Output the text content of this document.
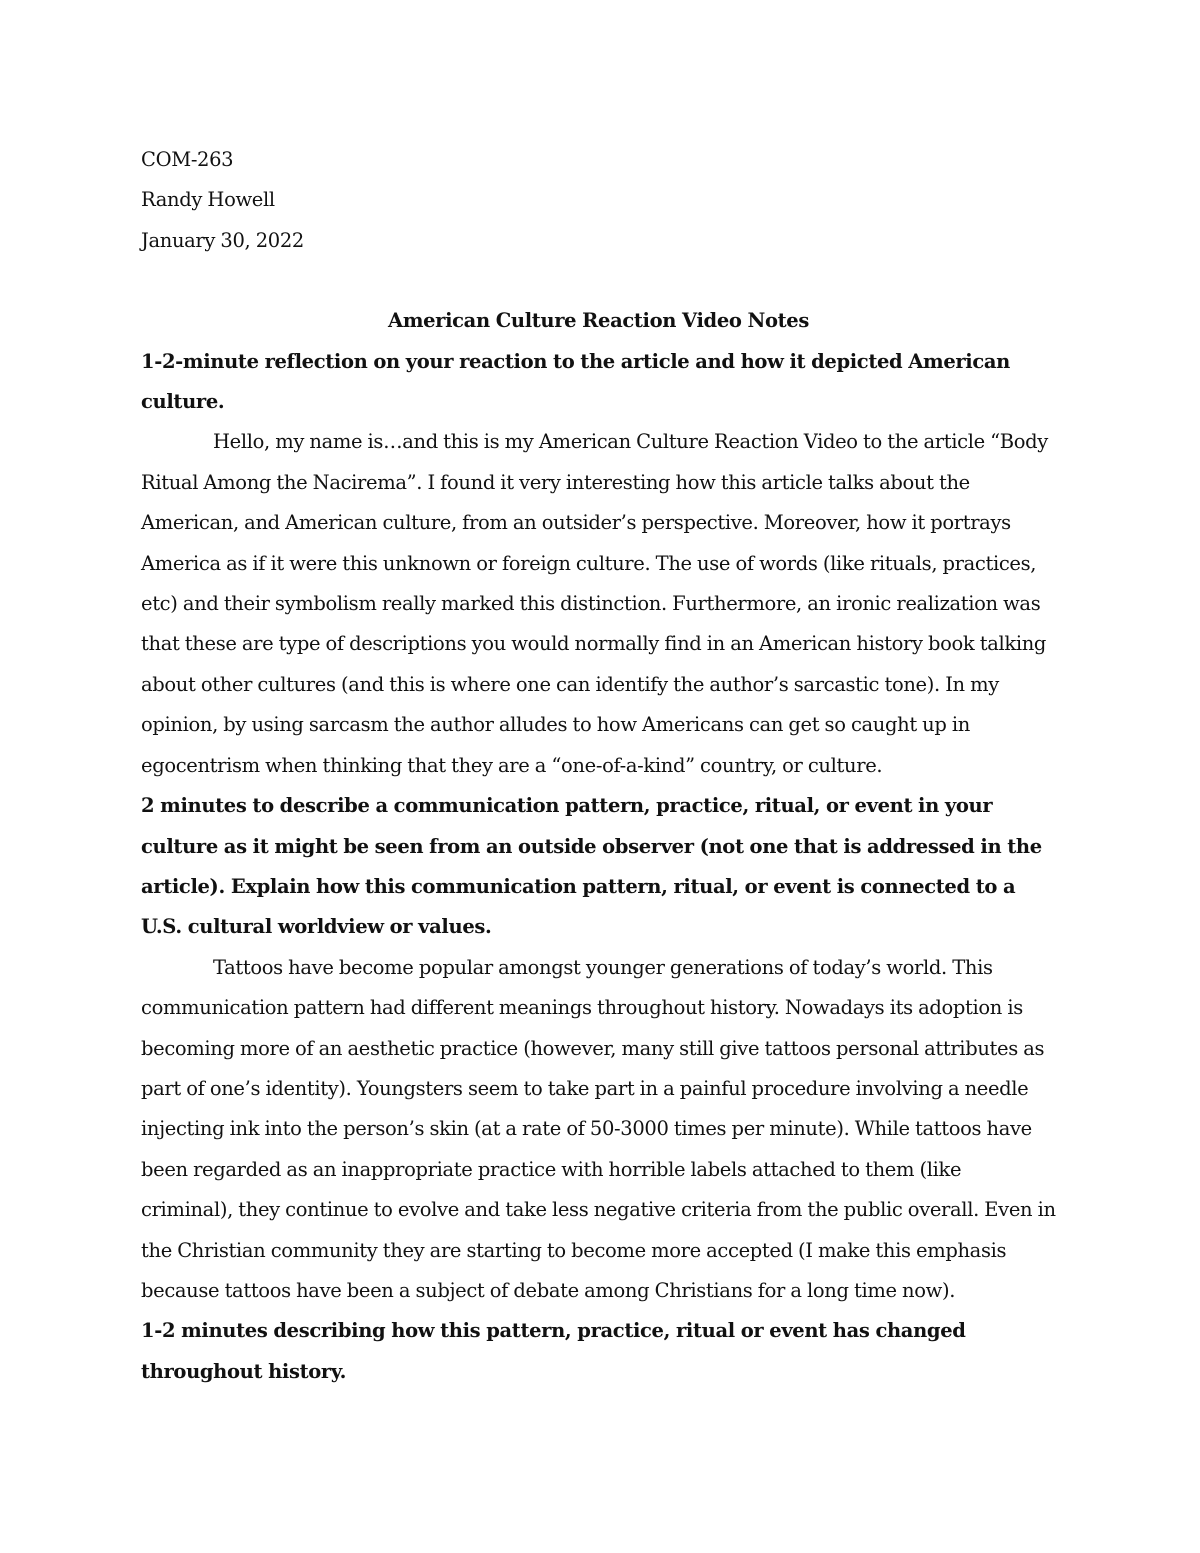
COM-263

Randy Howell

January 30, 2022

American Culture Reaction Video Notes

1-2-minute reflection on your reaction to the article and how it depicted American culture.

Hello, my name is…and this is my American Culture Reaction Video to the article “Body Ritual Among the Nacirema”. I found it very interesting how this article talks about the American, and American culture, from an outsider’s perspective. Moreover, how it portrays America as if it were this unknown or foreign culture. The use of words (like rituals, practices, etc) and their symbolism really marked this distinction. Furthermore, an ironic realization was that these are type of descriptions you would normally find in an American history book talking about other cultures (and this is where one can identify the author’s sarcastic tone). In my opinion, by using sarcasm the author alludes to how Americans can get so caught up in egocentrism when thinking that they are a “one-of-a-kind” country, or culture.

2 minutes to describe a communication pattern, practice, ritual, or event in your culture as it might be seen from an outside observer (not one that is addressed in the article). Explain how this communication pattern, ritual, or event is connected to a U.S. cultural worldview or values.

Tattoos have become popular amongst younger generations of today’s world. This communication pattern had different meanings throughout history. Nowadays its adoption is becoming more of an aesthetic practice (however, many still give tattoos personal attributes as part of one’s identity). Youngsters seem to take part in a painful procedure involving a needle injecting ink into the person’s skin (at a rate of 50-3000 times per minute). While tattoos have been regarded as an inappropriate practice with horrible labels attached to them (like criminal), they continue to evolve and take less negative criteria from the public overall. Even in the Christian community they are starting to become more accepted (I make this emphasis because tattoos have been a subject of debate among Christians for a long time now).

1-2 minutes describing how this pattern, practice, ritual or event has changed throughout history.
